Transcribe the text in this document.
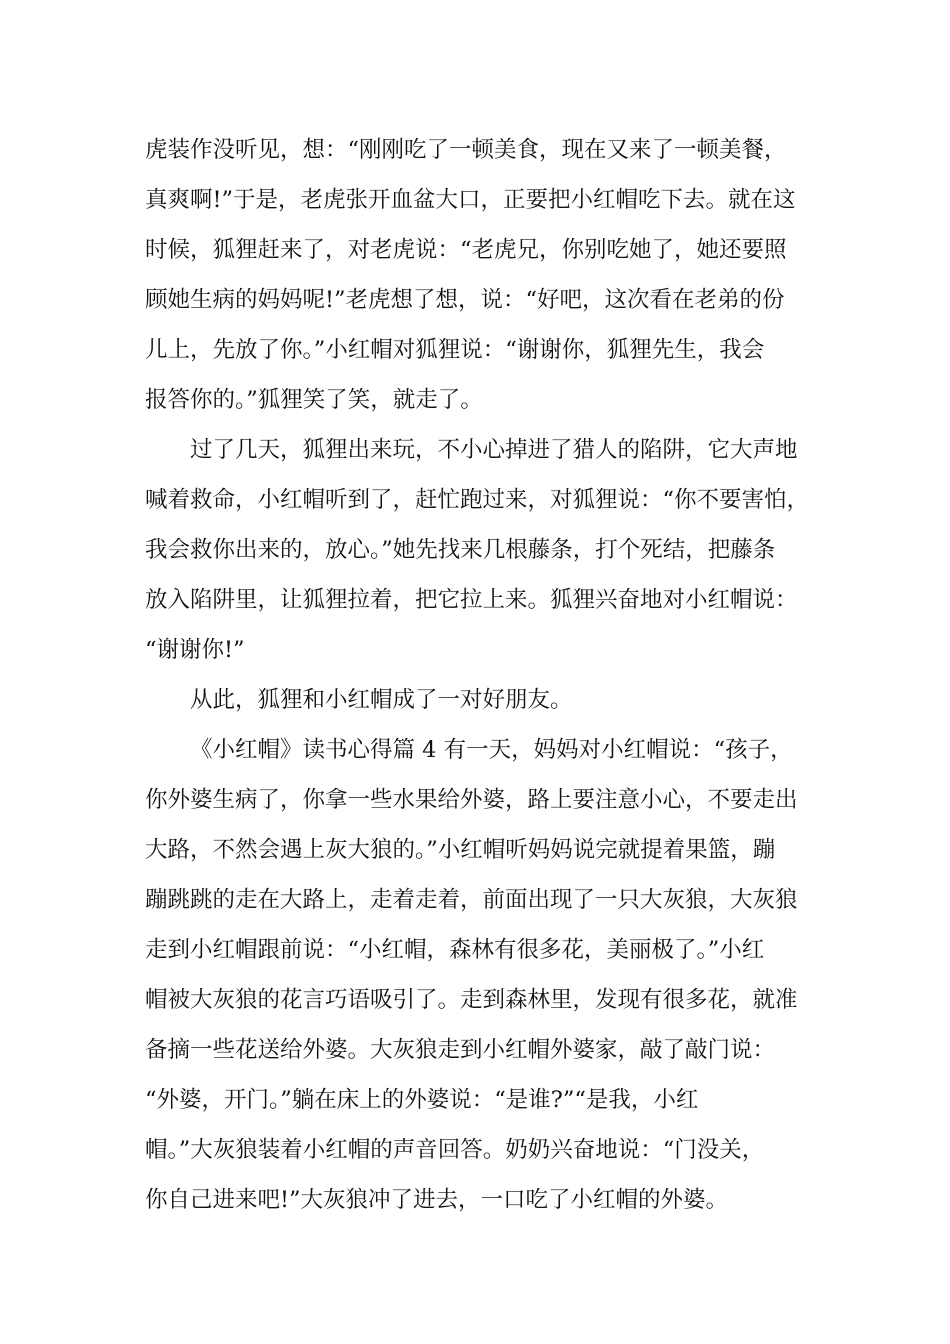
虎装作没听见，想：“刚刚吃了一顿美食，现在又来了一顿美餐，
真爽啊!”于是，老虎张开血盆大口，正要把小红帽吃下去。就在这
时候，狐狸赶来了，对老虎说：“老虎兄，你别吃她了，她还要照
顾她生病的妈妈呢!”老虎想了想，说：“好吧，这次看在老弟的份
儿上，先放了你。”小红帽对狐狸说：“谢谢你，狐狸先生，我会
报答你的。”狐狸笑了笑，就走了。
过了几天，狐狸出来玩，不小心掉进了猎人的陷阱，它大声地
喊着救命，小红帽听到了，赶忙跑过来，对狐狸说：“你不要害怕，
我会救你出来的，放心。”她先找来几根藤条，打个死结，把藤条
放入陷阱里，让狐狸拉着，把它拉上来。狐狸兴奋地对小红帽说：
“谢谢你!”
从此，狐狸和小红帽成了一对好朋友。
《小红帽》读书心得篇 4 有一天，妈妈对小红帽说：“孩子，
你外婆生病了，你拿一些水果给外婆，路上要注意小心，不要走出
大路，不然会遇上灰大狼的。”小红帽听妈妈说完就提着果篮，蹦
蹦跳跳的走在大路上，走着走着，前面出现了一只大灰狼，大灰狼
走到小红帽跟前说：“小红帽，森林有很多花，美丽极了。”小红
帽被大灰狼的花言巧语吸引了。走到森林里，发现有很多花，就准
备摘一些花送给外婆。大灰狼走到小红帽外婆家，敲了敲门说：
“外婆，开门。”躺在床上的外婆说：“是谁?”“是我，小红
帽。”大灰狼装着小红帽的声音回答。奶奶兴奋地说：“门没关，
你自己进来吧!”大灰狼冲了进去，一口吃了小红帽的外婆。
